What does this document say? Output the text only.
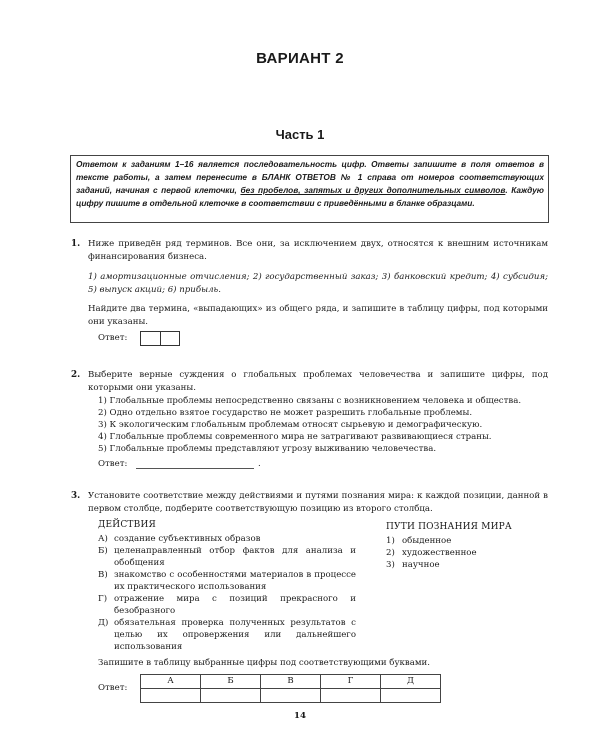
ВАРИАНТ 2
Часть 1
Ответом к заданиям 1–16 является последовательность цифр. Ответы запишите в поля ответов в тексте работы, а затем перенесите в БЛАНК ОТВЕТОВ № 1 справа от номеров соответствующих заданий, начиная с первой клеточки, без пробелов, запятых и других дополнительных символов. Каждую цифру пишите в отдельной клеточке в соответствии с приведёнными в бланке образцами.
1. Ниже приведён ряд терминов. Все они, за исключением двух, относятся к внешним источникам финансирования бизнеса.
1) амортизационные отчисления; 2) государственный заказ; 3) банковский кредит; 4) субсидия; 5) выпуск акций; 6) прибыль.
Найдите два термина, «выпадающих» из общего ряда, и запишите в таблицу цифры, под которыми они указаны.
Ответ:
2. Выберите верные суждения о глобальных проблемах человечества и запишите цифры, под которыми они указаны.
1) Глобальные проблемы непосредственно связаны с возникновением человека и общества.
2) Одно отдельно взятое государство не может разрешить глобальные проблемы.
3) К экологическим глобальным проблемам относят сырьевую и демографическую.
4) Глобальные проблемы современного мира не затрагивают развивающиеся страны.
5) Глобальные проблемы представляют угрозу выживанию человечества.
Ответ:	.
3. Установите соответствие между действиями и путями познания мира: к каждой позиции, данной в первом столбце, подберите соответствующую позицию из второго столбца.
ДЕЙСТВИЯ
А) создание субъективных образов
Б) целенаправленный отбор фактов для анализа и обобщения
В) знакомство с особенностями материалов в процессе их практического использования
Г) отражение мира с позиций прекрасного и безобразного
Д) обязательная проверка полученных результатов с целью их опровержения или дальнейшего использования
ПУТИ ПОЗНАНИЯ МИРА
1) обыденное
2) художественное
3) научное
Запишите в таблицу выбранные цифры под соответствующими буквами.
Ответ:
А	Б	В	Г	Д

14
